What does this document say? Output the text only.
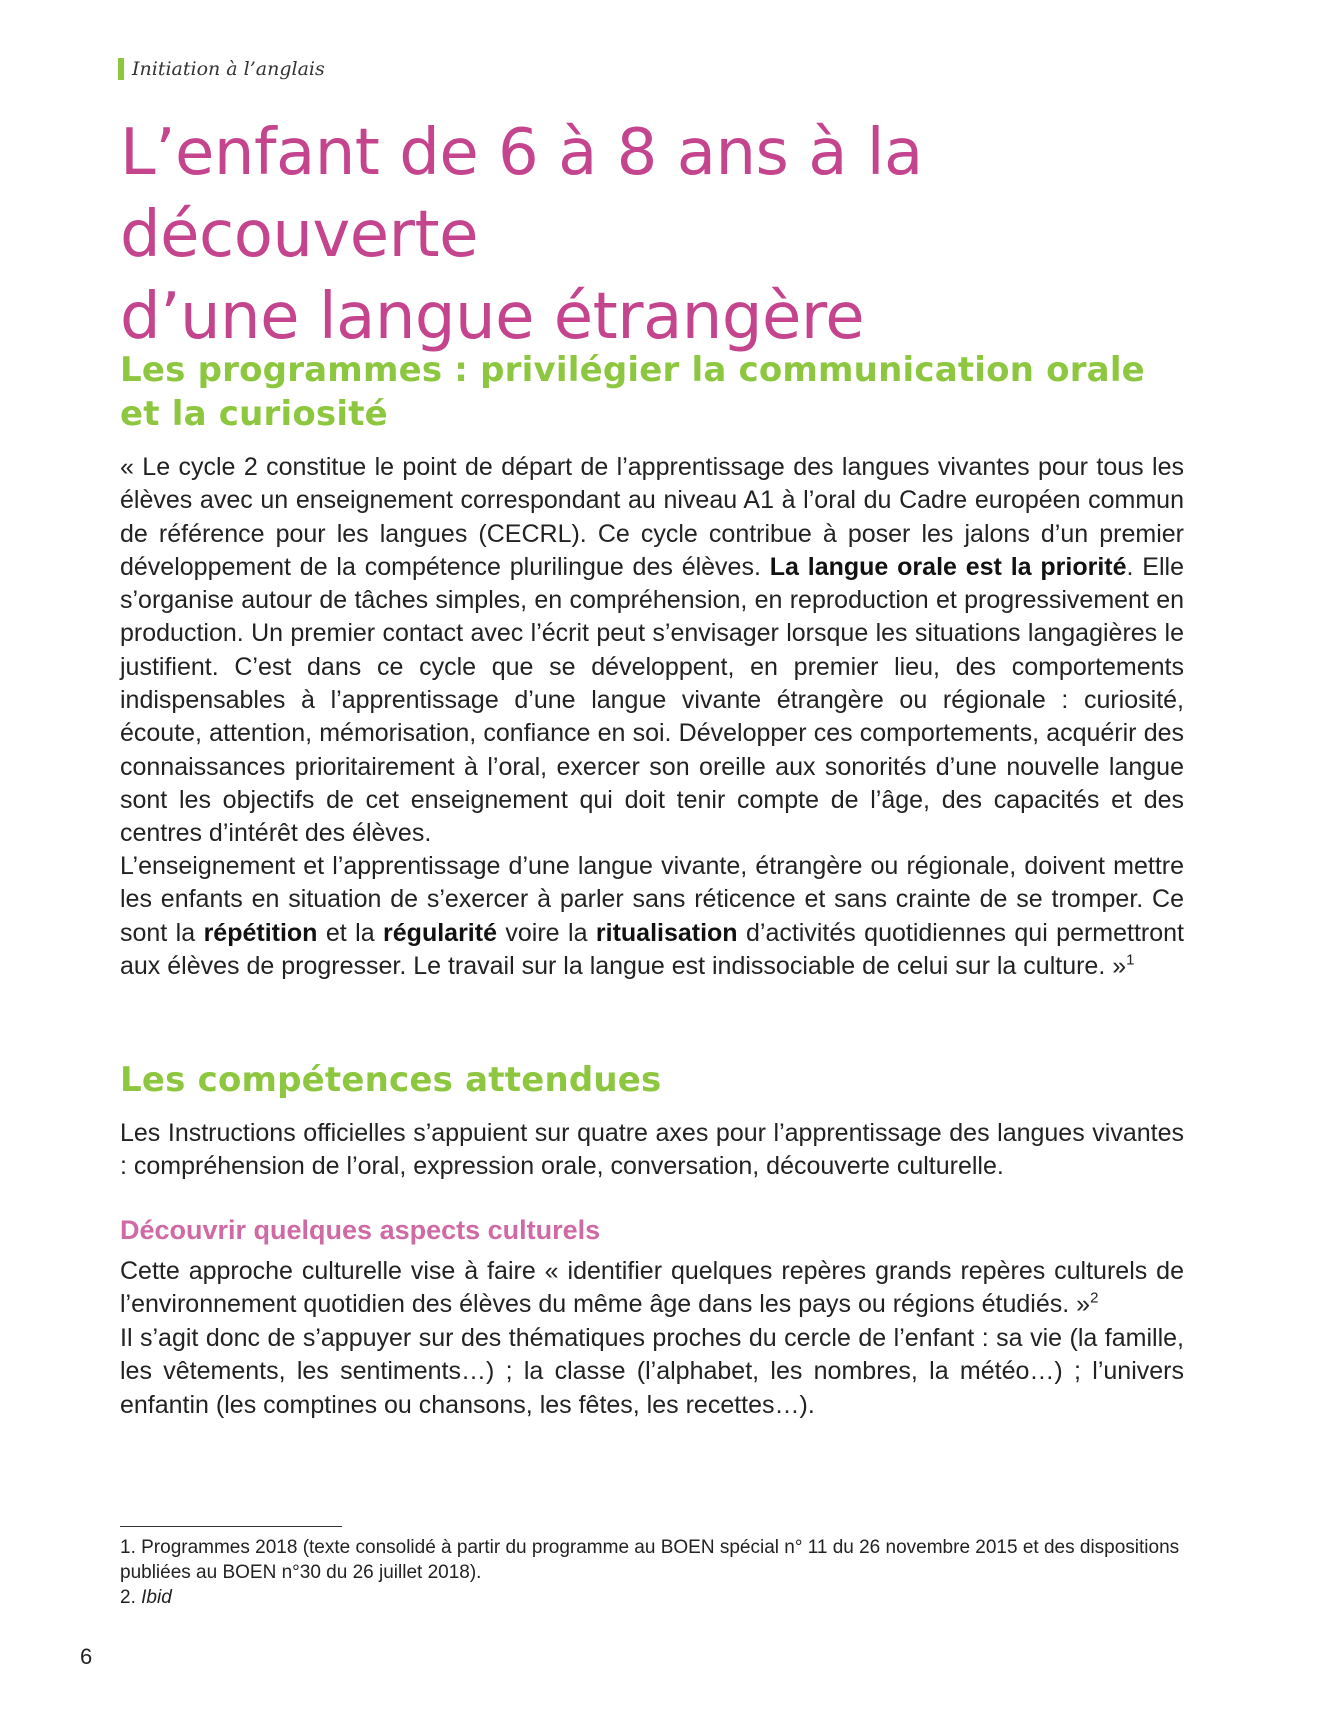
Initiation à l’anglais
L’enfant de 6 à 8 ans à la découverte
d’une langue étrangère
Les programmes : privilégier la communication orale
et la curiosité

« Le cycle 2 constitue le point de départ de l’apprentissage des langues vivantes pour tous les élèves avec un enseignement correspondant au niveau A1 à l’oral du Cadre européen commun de référence pour les langues (CECRL). Ce cycle contribue à poser les jalons d’un premier développement de la compétence plurilingue des élèves. La langue orale est la priorité. Elle s’organise autour de tâches simples, en compréhension, en reproduction et progressivement en production. Un premier contact avec l’écrit peut s’envisager lorsque les situations langagières le justifient. C’est dans ce cycle que se développent, en premier lieu, des comportements indispensables à l’apprentissage d’une langue vivante étrangère ou régionale : curiosité, écoute, attention, mémorisation, confiance en soi. Développer ces comportements, acquérir des connaissances prioritairement à l’oral, exercer son oreille aux sonorités d’une nouvelle langue sont les objectifs de cet enseignement qui doit tenir compte de l’âge, des capacités et des centres d’intérêt des élèves.

L’enseignement et l’apprentissage d’une langue vivante, étrangère ou régionale, doivent mettre les enfants en situation de s’exercer à parler sans réticence et sans crainte de se tromper. Ce sont la répétition et la régularité voire la ritualisation d’activités quotidiennes qui permettront aux élèves de progresser. Le travail sur la langue est indissociable de celui sur la culture. »$^1$

Les compétences attendues

Les Instructions officielles s’appuient sur quatre axes pour l’apprentissage des langues vivantes : compréhension de l’oral, expression orale, conversation, découverte culturelle.

Découvrir quelques aspects culturels

Cette approche culturelle vise à faire « identifier quelques repères grands repères culturels de l’environnement quotidien des élèves du même âge dans les pays ou régions étudiés. »$^2$

Il s’agit donc de s’appuyer sur des thématiques proches du cercle de l’enfant : sa vie (la famille, les vêtements, les sentiments…) ; la classe (l’alphabet, les nombres, la météo…) ; l’univers enfantin (les comptines ou chansons, les fêtes, les recettes…).

1. Programmes 2018 (texte consolidé à partir du programme au BOEN spécial n° 11 du 26 novembre 2015 et des dispositions publiées au BOEN n°30 du 26 juillet 2018).

2. Ibid

6
